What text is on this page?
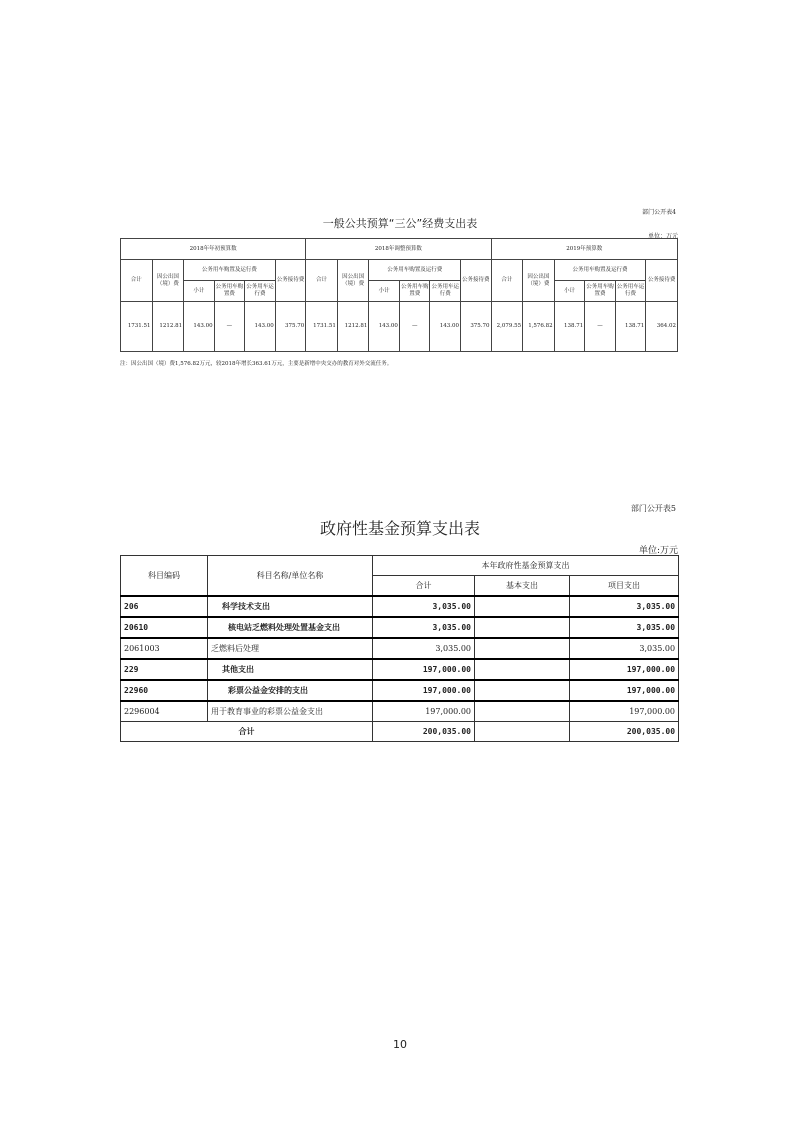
部门公开表4
一般公共预算“三公”经费支出表
单位：万元
2018年年初预算数						2018年调整预算数						2019年预算数					
合计	因公出国（境）费	公务用车购置及运行费			公务接待费	合计	因公出国（境）费	公务用车购置及运行费			公务接待费	合计	因公出国（境）费	公务用车购置及运行费			公务接待费
		小计	公务用车购置费	公务用车运行费				小计	公务用车购置费	公务用车运行费				小计	公务用车购置费	公务用车运行费	
1731.51	1212.81	143.00	—	143.00	375.70	1731.51	1212.81	143.00	—	143.00	375.70	2,079.55	1,576.82	138.71	—	138.71	364.02
注：因公出国（境）费1,576.82万元，较2018年增长363.61万元，主要是新增中央交办的教育对外交流任务。
部门公开表5
政府性基金预算支出表
单位:万元
科目编码	科目名称/单位名称	本年政府性基金预算支出		
		合计	基本支出	项目支出
206	科学技术支出	3,035.00		3,035.00
20610	核电站乏燃料处理处置基金支出	3,035.00		3,035.00
2061003	乏燃料后处理	3,035.00		3,035.00
229	其他支出	197,000.00		197,000.00
22960	彩票公益金安排的支出	197,000.00		197,000.00
2296004	用于教育事业的彩票公益金支出	197,000.00		197,000.00
合计		200,035.00		200,035.00
10
